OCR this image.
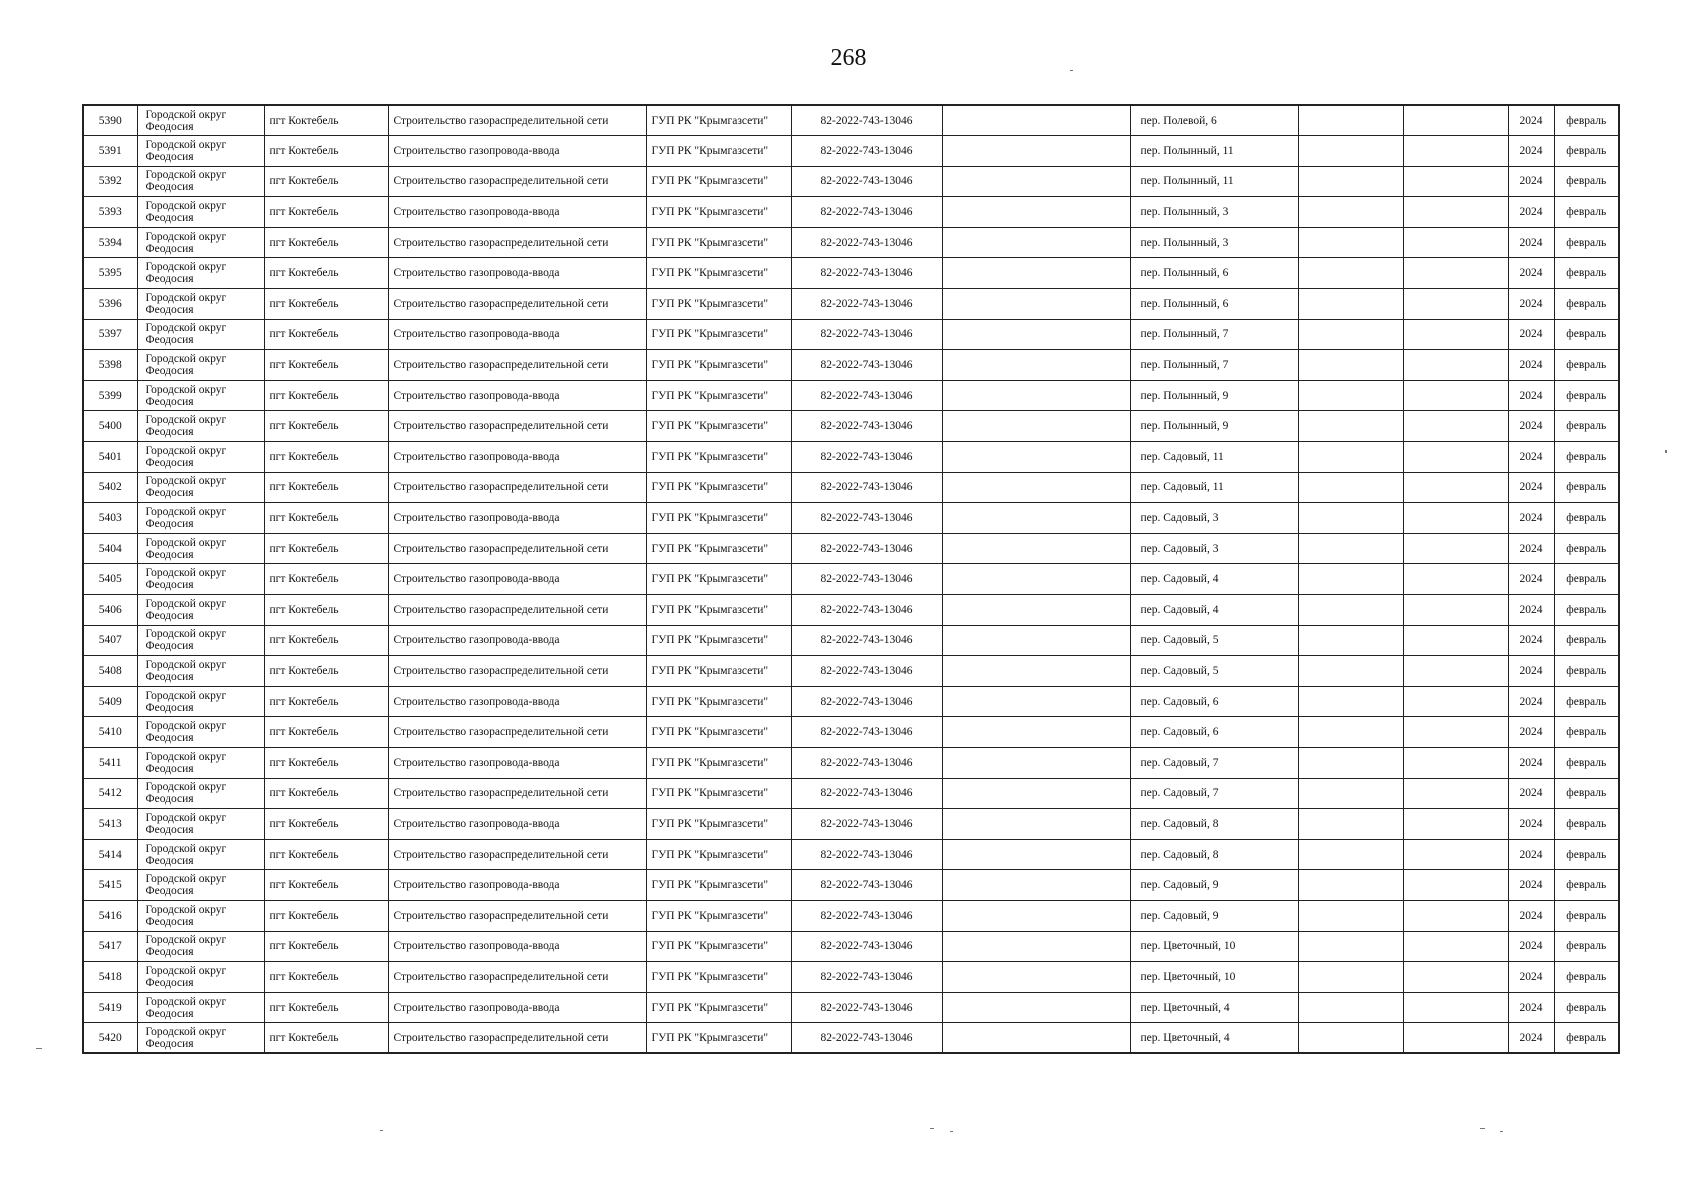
268
5390	Городской округ Феодосия	пгт Коктебель	Строительство газораспределительной сети	ГУП РК "Крымгазсети"	82-2022-743-13046		пер. Полевой, 6			2024	февраль
5391	Городской округ Феодосия	пгт Коктебель	Строительство газопровода-ввода	ГУП РК "Крымгазсети"	82-2022-743-13046		пер. Полынный, 11			2024	февраль
5392	Городской округ Феодосия	пгт Коктебель	Строительство газораспределительной сети	ГУП РК "Крымгазсети"	82-2022-743-13046		пер. Полынный, 11			2024	февраль
5393	Городской округ Феодосия	пгт Коктебель	Строительство газопровода-ввода	ГУП РК "Крымгазсети"	82-2022-743-13046		пер. Полынный, 3			2024	февраль
5394	Городской округ Феодосия	пгт Коктебель	Строительство газораспределительной сети	ГУП РК "Крымгазсети"	82-2022-743-13046		пер. Полынный, 3			2024	февраль
5395	Городской округ Феодосия	пгт Коктебель	Строительство газопровода-ввода	ГУП РК "Крымгазсети"	82-2022-743-13046		пер. Полынный, 6			2024	февраль
5396	Городской округ Феодосия	пгт Коктебель	Строительство газораспределительной сети	ГУП РК "Крымгазсети"	82-2022-743-13046		пер. Полынный, 6			2024	февраль
5397	Городской округ Феодосия	пгт Коктебель	Строительство газопровода-ввода	ГУП РК "Крымгазсети"	82-2022-743-13046		пер. Полынный, 7			2024	февраль
5398	Городской округ Феодосия	пгт Коктебель	Строительство газораспределительной сети	ГУП РК "Крымгазсети"	82-2022-743-13046		пер. Полынный, 7			2024	февраль
5399	Городской округ Феодосия	пгт Коктебель	Строительство газопровода-ввода	ГУП РК "Крымгазсети"	82-2022-743-13046		пер. Полынный, 9			2024	февраль
5400	Городской округ Феодосия	пгт Коктебель	Строительство газораспределительной сети	ГУП РК "Крымгазсети"	82-2022-743-13046		пер. Полынный, 9			2024	февраль
5401	Городской округ Феодосия	пгт Коктебель	Строительство газопровода-ввода	ГУП РК "Крымгазсети"	82-2022-743-13046		пер. Садовый, 11			2024	февраль
5402	Городской округ Феодосия	пгт Коктебель	Строительство газораспределительной сети	ГУП РК "Крымгазсети"	82-2022-743-13046		пер. Садовый, 11			2024	февраль
5403	Городской округ Феодосия	пгт Коктебель	Строительство газопровода-ввода	ГУП РК "Крымгазсети"	82-2022-743-13046		пер. Садовый, 3			2024	февраль
5404	Городской округ Феодосия	пгт Коктебель	Строительство газораспределительной сети	ГУП РК "Крымгазсети"	82-2022-743-13046		пер. Садовый, 3			2024	февраль
5405	Городской округ Феодосия	пгт Коктебель	Строительство газопровода-ввода	ГУП РК "Крымгазсети"	82-2022-743-13046		пер. Садовый, 4			2024	февраль
5406	Городской округ Феодосия	пгт Коктебель	Строительство газораспределительной сети	ГУП РК "Крымгазсети"	82-2022-743-13046		пер. Садовый, 4			2024	февраль
5407	Городской округ Феодосия	пгт Коктебель	Строительство газопровода-ввода	ГУП РК "Крымгазсети"	82-2022-743-13046		пер. Садовый, 5			2024	февраль
5408	Городской округ Феодосия	пгт Коктебель	Строительство газораспределительной сети	ГУП РК "Крымгазсети"	82-2022-743-13046		пер. Садовый, 5			2024	февраль
5409	Городской округ Феодосия	пгт Коктебель	Строительство газопровода-ввода	ГУП РК "Крымгазсети"	82-2022-743-13046		пер. Садовый, 6			2024	февраль
5410	Городской округ Феодосия	пгт Коктебель	Строительство газораспределительной сети	ГУП РК "Крымгазсети"	82-2022-743-13046		пер. Садовый, 6			2024	февраль
5411	Городской округ Феодосия	пгт Коктебель	Строительство газопровода-ввода	ГУП РК "Крымгазсети"	82-2022-743-13046		пер. Садовый, 7			2024	февраль
5412	Городской округ Феодосия	пгт Коктебель	Строительство газораспределительной сети	ГУП РК "Крымгазсети"	82-2022-743-13046		пер. Садовый, 7			2024	февраль
5413	Городской округ Феодосия	пгт Коктебель	Строительство газопровода-ввода	ГУП РК "Крымгазсети"	82-2022-743-13046		пер. Садовый, 8			2024	февраль
5414	Городской округ Феодосия	пгт Коктебель	Строительство газораспределительной сети	ГУП РК "Крымгазсети"	82-2022-743-13046		пер. Садовый, 8			2024	февраль
5415	Городской округ Феодосия	пгт Коктебель	Строительство газопровода-ввода	ГУП РК "Крымгазсети"	82-2022-743-13046		пер. Садовый, 9			2024	февраль
5416	Городской округ Феодосия	пгт Коктебель	Строительство газораспределительной сети	ГУП РК "Крымгазсети"	82-2022-743-13046		пер. Садовый, 9			2024	февраль
5417	Городской округ Феодосия	пгт Коктебель	Строительство газопровода-ввода	ГУП РК "Крымгазсети"	82-2022-743-13046		пер. Цветочный, 10			2024	февраль
5418	Городской округ Феодосия	пгт Коктебель	Строительство газораспределительной сети	ГУП РК "Крымгазсети"	82-2022-743-13046		пер. Цветочный, 10			2024	февраль
5419	Городской округ Феодосия	пгт Коктебель	Строительство газопровода-ввода	ГУП РК "Крымгазсети"	82-2022-743-13046		пер. Цветочный, 4			2024	февраль
5420	Городской округ Феодосия	пгт Коктебель	Строительство газораспределительной сети	ГУП РК "Крымгазсети"	82-2022-743-13046		пер. Цветочный, 4			2024	февраль
